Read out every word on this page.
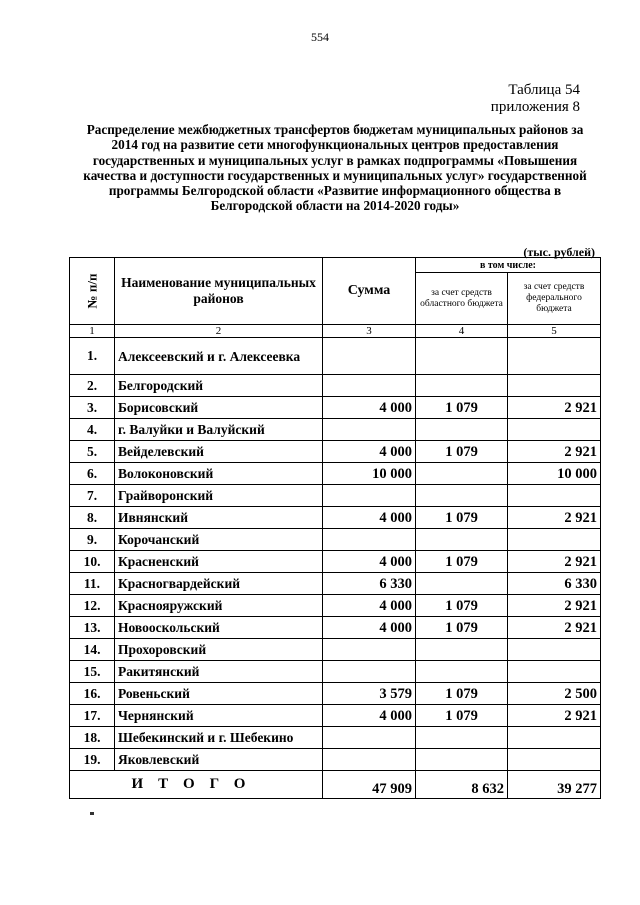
554
Таблица 54
приложения 8
Распределение межбюджетных трансфертов бюджетам муниципальных районов за 2014 год на развитие сети многофункциональных центров предоставления государственных и муниципальных услуг в рамках подпрограммы «Повышения качества и доступности государственных и муниципальных услуг» государственной программы Белгородской области «Развитие информационного общества в Белгородской области на 2014-2020 годы»
(тыс. рублей)
№ п/п	Наименование муниципальных районов	Сумма	в том числе:	
			за счет средств областного бюджета	за счет средств федерального бюджета
1	2	3	4	5
1.	Алексеевский и г. Алексеевка			
2.	Белгородский			
3.	Борисовский	4 000	1 079	2 921
4.	г. Валуйки и Валуйский			
5.	Вейделевский	4 000	1 079	2 921
6.	Волоконовский	10 000		10 000
7.	Грайворонский			
8.	Ивнянский	4 000	1 079	2 921
9.	Корочанский			
10.	Красненский	4 000	1 079	2 921
11.	Красногвардейский	6 330		6 330
12.	Краснояружский	4 000	1 079	2 921
13.	Новооскольский	4 000	1 079	2 921
14.	Прохоровский			
15.	Ракитянский			
16.	Ровеньский	3 579	1 079	2 500
17.	Чернянский	4 000	1 079	2 921
18.	Шебекинский и г. Шебекино			
19.	Яковлевский			
ИТОГО		47 909	8 632	39 277
